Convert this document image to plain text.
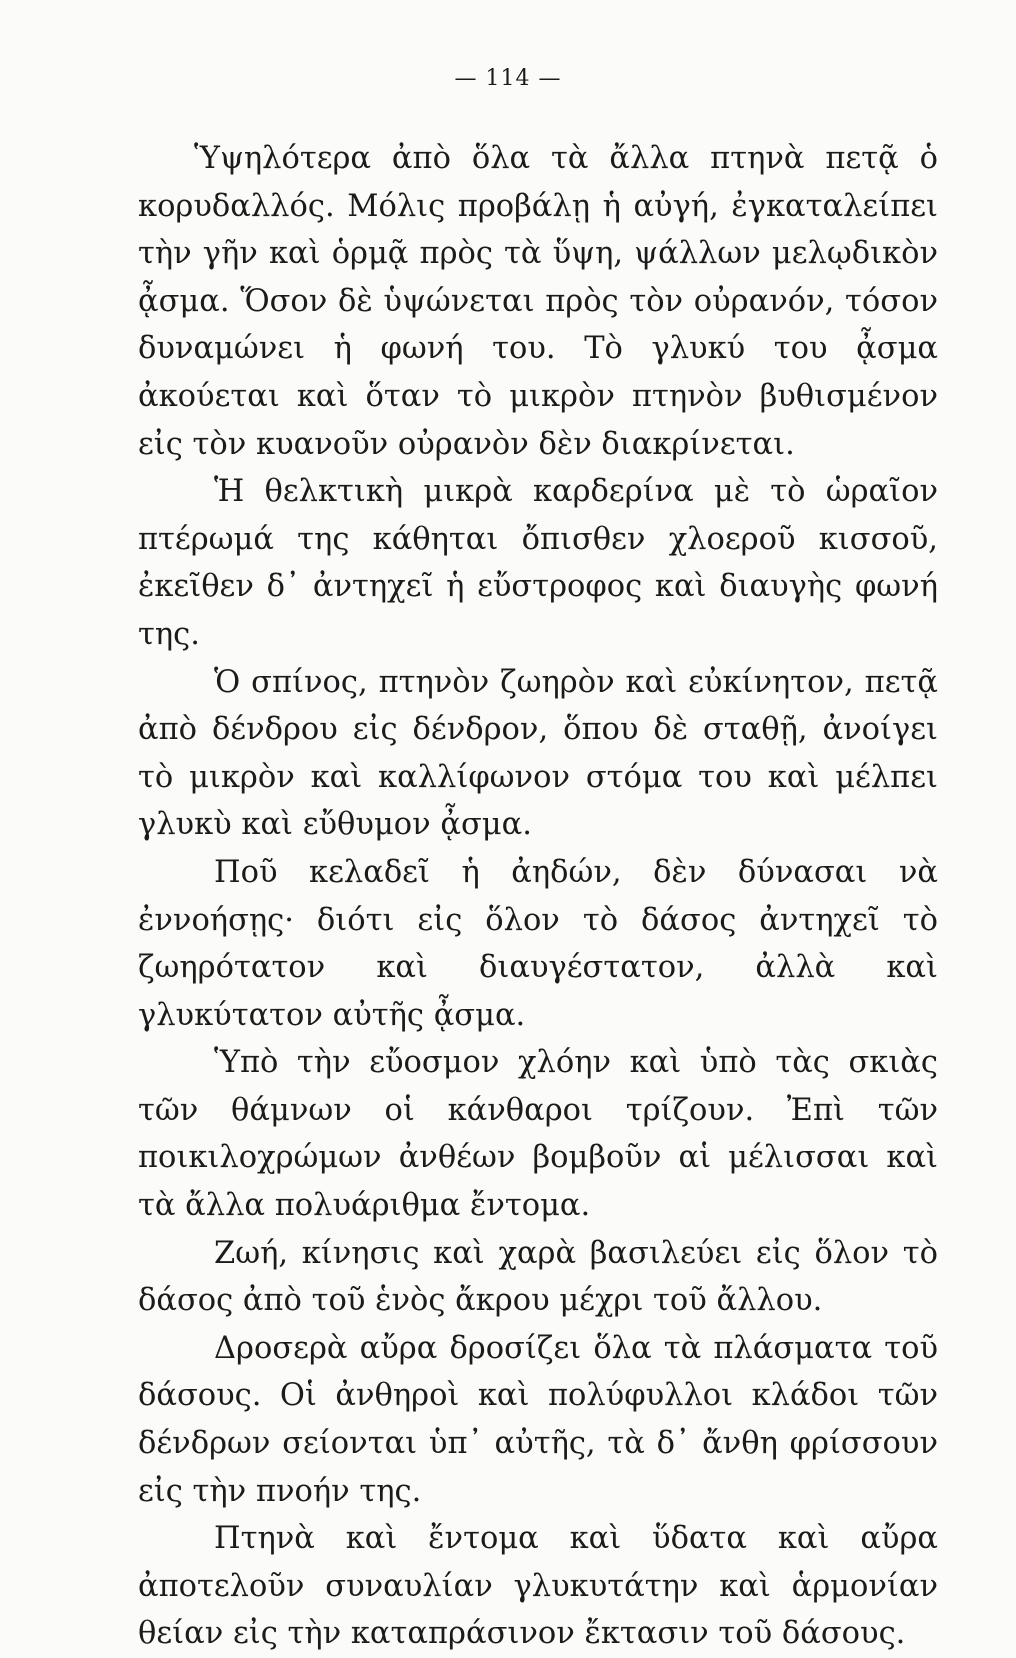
— 114 —

Ὑψηλότερα ἀπὸ ὅλα τὰ ἄλλα πτηνὰ πετᾷ ὁ κορυδαλλός. Μόλις προβάλῃ ἡ αὐγή, ἐγκαταλείπει τὴν γῆν καὶ ὁρμᾷ πρὸς τὰ ὕψη, ψάλλων μελῳδικὸν ᾆσμα. Ὅσον δὲ ὑψώνεται πρὸς τὸν οὐρανόν, τόσον δυναμώνει ἡ φωνή του. Τὸ γλυκύ του ᾆσμα ἀκούεται καὶ ὅταν τὸ μικρὸν πτηνὸν βυθισμένον εἰς τὸν κυανοῦν οὐρανὸν δὲν διακρίνεται.

Ἡ θελκτικὴ μικρὰ καρδερίνα μὲ τὸ ὡραῖον πτέρωμά της κάθηται ὄπισθεν χλοεροῦ κισσοῦ, ἐκεῖθεν δ᾿ ἀντηχεῖ ἡ εὔστροφος καὶ διαυγὴς φωνή της.

Ὁ σπίνος, πτηνὸν ζωηρὸν καὶ εὐκίνητον, πετᾷ ἀπὸ δένδρου εἰς δένδρον, ὅπου δὲ σταθῇ, ἀνοίγει τὸ μικρὸν καὶ καλλίφωνον στόμα του καὶ μέλπει γλυκὺ καὶ εὔθυμον ᾆσμα.

Ποῦ κελαδεῖ ἡ ἀηδών, δὲν δύνασαι νὰ ἐννοήσῃς· διότι εἰς ὅλον τὸ δάσος ἀντηχεῖ τὸ ζωηρότατον καὶ διαυγέστατον, ἀλλὰ καὶ γλυκύτατον αὐτῆς ᾆσμα.

Ὑπὸ τὴν εὔοσμον χλόην καὶ ὑπὸ τὰς σκιὰς τῶν θάμνων οἱ κάνθαροι τρίζουν. Ἐπὶ τῶν ποικιλοχρώμων ἀνθέων βομβοῦν αἱ μέλισσαι καὶ τὰ ἄλλα πολυάριθμα ἔντομα.

Ζωή, κίνησις καὶ χαρὰ βασιλεύει εἰς ὅλον τὸ δάσος ἀπὸ τοῦ ἑνὸς ἄκρου μέχρι τοῦ ἄλλου.

Δροσερὰ αὔρα δροσίζει ὅλα τὰ πλάσματα τοῦ δάσους. Οἱ ἀνθηροὶ καὶ πολύφυλλοι κλάδοι τῶν δένδρων σείονται ὑπ᾿ αὐτῆς, τὰ δ᾿ ἄνθη φρίσσουν εἰς τὴν πνοήν της.

Πτηνὰ καὶ ἔντομα καὶ ὕδατα καὶ αὔρα ἀποτελοῦν συναυλίαν γλυκυτάτην καὶ ἁρμονίαν θείαν εἰς τὴν καταπράσινον ἔκτασιν τοῦ δάσους.
